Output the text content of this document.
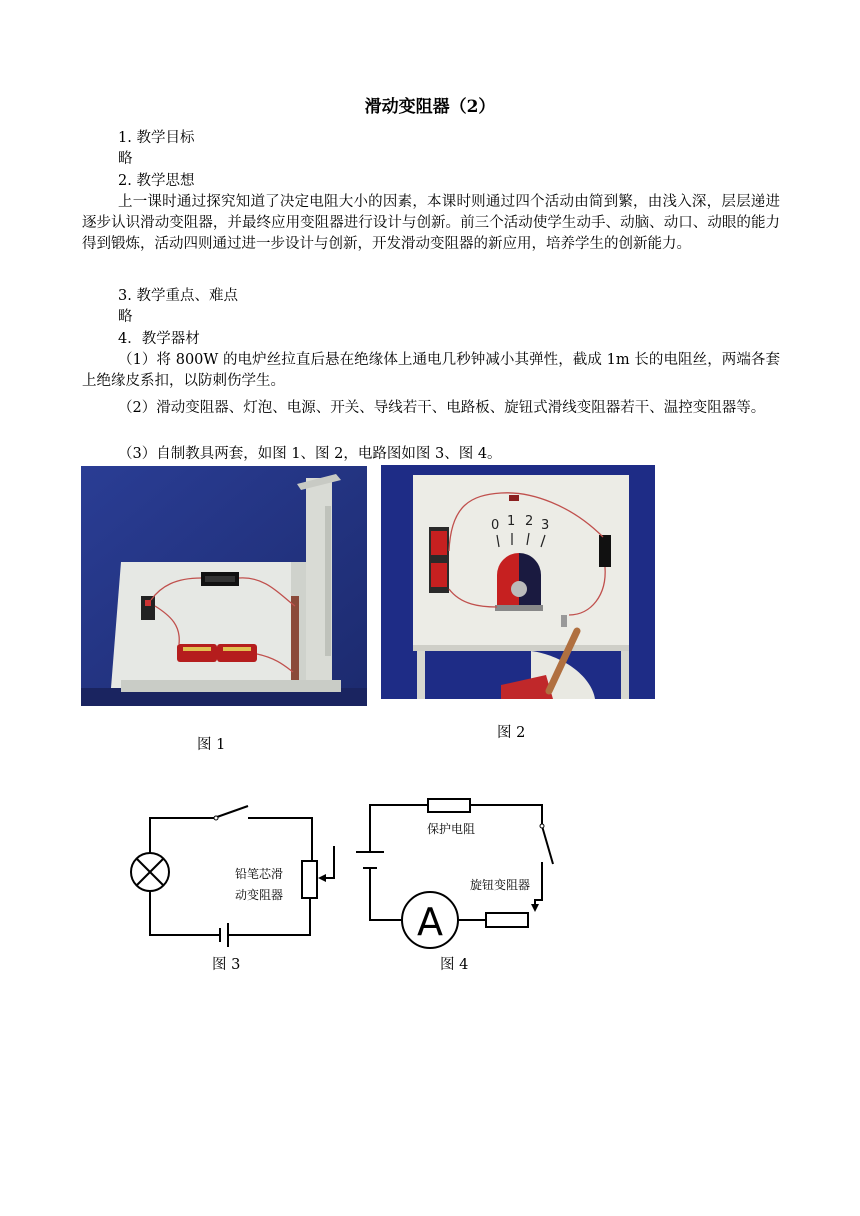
滑动变阻器（2）
1. 教学目标
略
2. 教学思想
上一课时通过探究知道了决定电阻大小的因素，本课时则通过四个活动由简到繁，由浅入深，层层递进逐步认识滑动变阻器，并最终应用变阻器进行设计与创新。前三个活动使学生动手、动脑、动口、动眼的能力得到锻炼，活动四则通过进一步设计与创新，开发滑动变阻器的新应用，培养学生的创新能力。
3. 教学重点、难点
略
4．教学器材
（1）将 800W 的电炉丝拉直后悬在绝缘体上通电几秒钟减小其弹性，截成 1m 长的电阻丝，两端各套上绝缘皮系扣，以防刺伤学生。
（2）滑动变阻器、灯泡、电源、开关、导线若干、电路板、旋钮式滑线变阻器若干、温控变阻器等。
（3）自制教具两套，如图 1、图 2，电路图如图 3、图 4。
0 1 2 3
图 1
图 2
铅笔芯滑
动变阻器
A
保护电阻
旋钮变阻器
图 3	图 4
